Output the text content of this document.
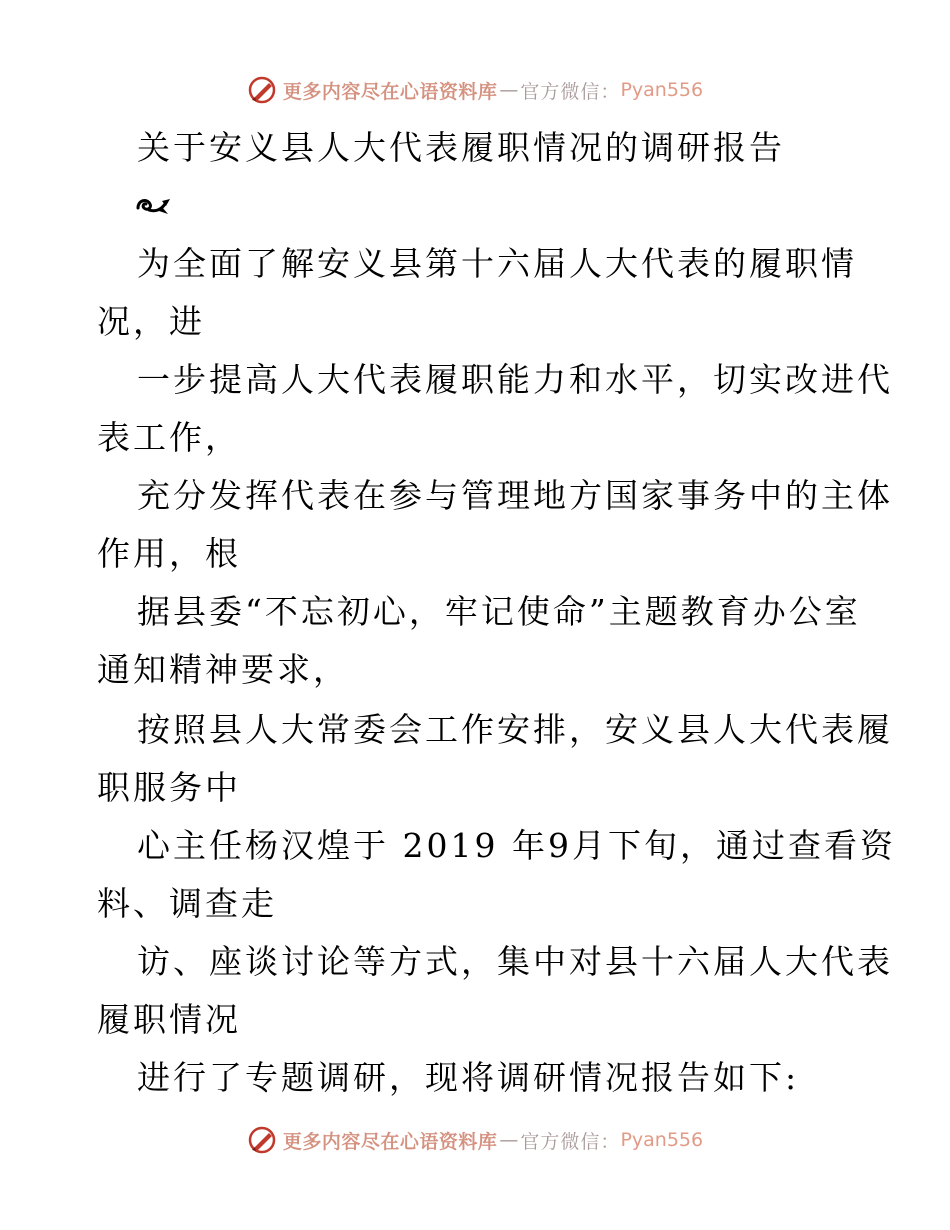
更多内容尽在心语资料库 — 官方微信： Pyan556
关于安义县人大代表履职情况的调研报告
为全面了解安义县第十六届人大代表的履职情
况，进
一步提高人大代表履职能力和水平，切实改进代
表工作，
充分发挥代表在参与管理地方国家事务中的主体
作用，根
据县委“不忘初心，牢记使命”主题教育办公室
通知精神要求，
按照县人大常委会工作安排，安义县人大代表履
职服务中
心主任杨汉煌于 2019 年9月下旬，通过查看资
料、调查走
访、座谈讨论等方式，集中对县十六届人大代表
履职情况
进行了专题调研，现将调研情况报告如下:
更多内容尽在心语资料库 — 官方微信： Pyan556
